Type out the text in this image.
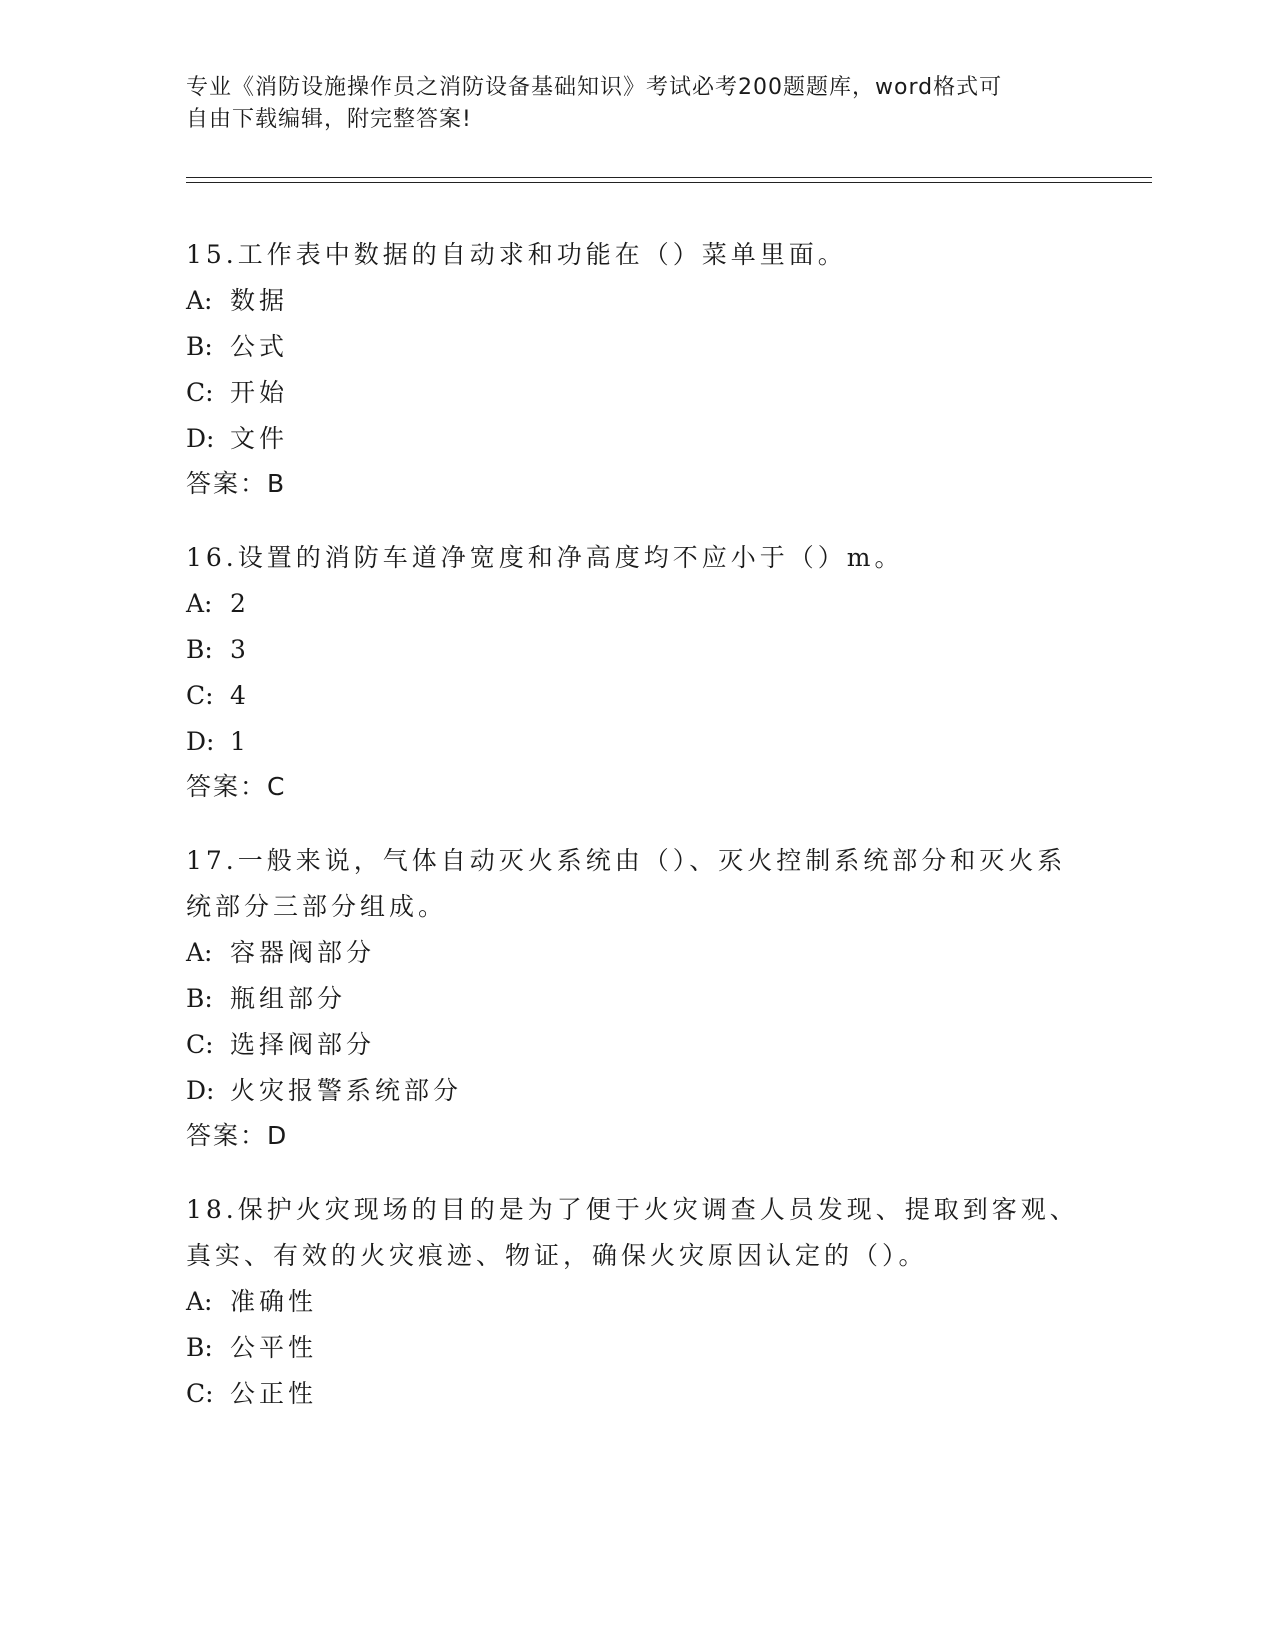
专业《消防设施操作员之消防设备基础知识》考试必考200题题库，word格式可
自由下载编辑，附完整答案!
15.工作表中数据的自动求和功能在（）菜单里面。
A: 数据
B: 公式
C: 开始
D: 文件
答案：B
16.设置的消防车道净宽度和净高度均不应小于（）m。
A: 2
B: 3
C: 4
D: 1
答案：C
17.一般来说，气体自动灭火系统由（）、灭火控制系统部分和灭火系
统部分三部分组成。
A: 容器阀部分
B: 瓶组部分
C: 选择阀部分
D: 火灾报警系统部分
答案：D
18.保护火灾现场的目的是为了便于火灾调查人员发现、提取到客观、
真实、有效的火灾痕迹、物证，确保火灾原因认定的（）。
A: 准确性
B: 公平性
C: 公正性
